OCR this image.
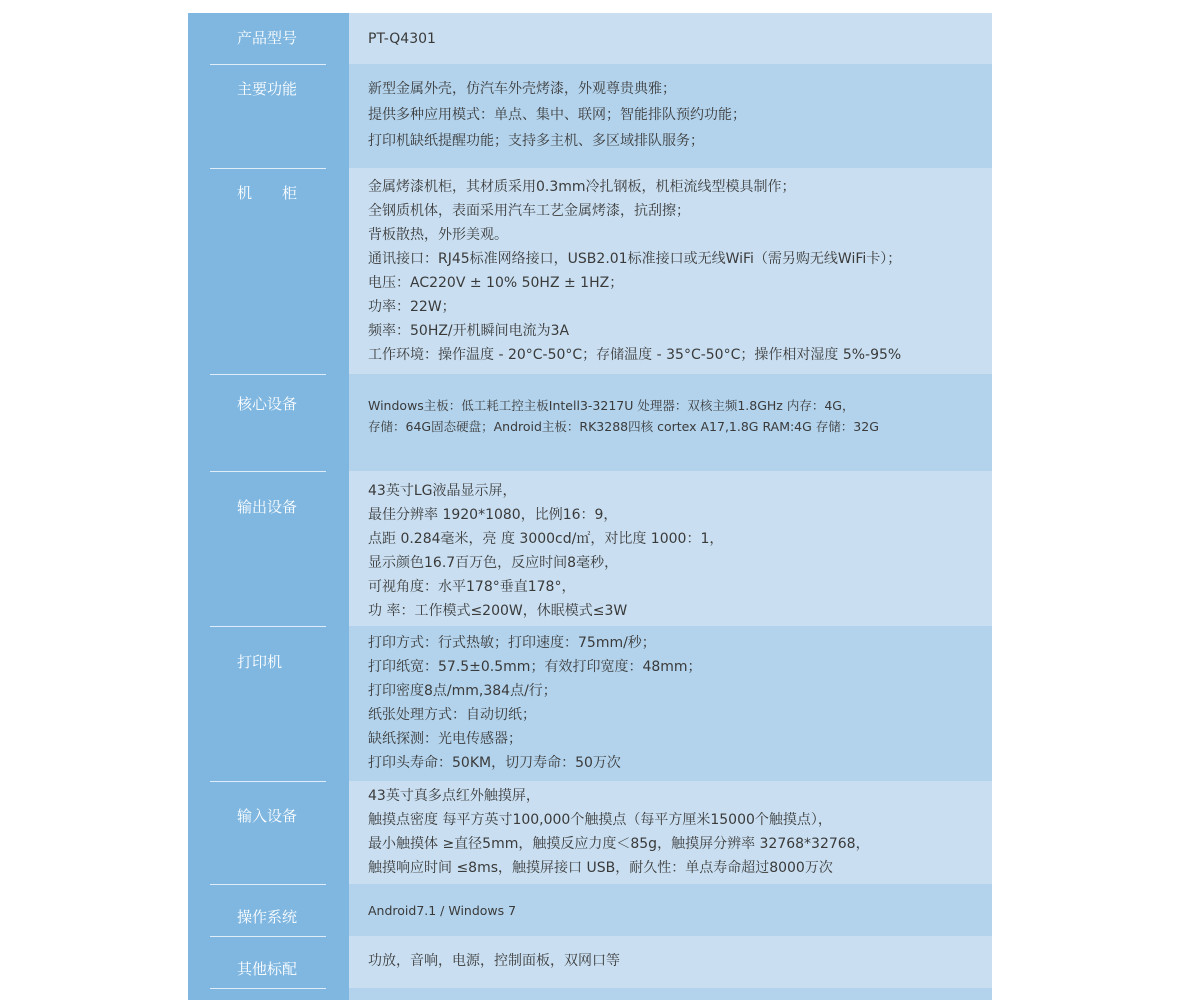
PT-Q4301
产品型号
新型金属外壳，仿汽车外壳烤漆，外观尊贵典雅；
提供多种应用模式：单点、集中、联网；智能排队预约功能；
打印机缺纸提醒功能；支持多主机、多区域排队服务；
主要功能
金属烤漆机柜，其材质采用0.3mm冷扎钢板，机柜流线型模具制作；
全钢质机体，表面采用汽车工艺金属烤漆，抗刮擦；
背板散热，外形美观。
通讯接口：RJ45标准网络接口，USB2.01标准接口或无线WiFi（需另购无线WiFi卡）；
电压：AC220V ± 10% 50HZ ± 1HZ；
功率：22W；
频率：50HZ/开机瞬间电流为3A
工作环境：操作温度 - 20°C-50°C；存储温度 - 35°C-50°C；操作相对湿度 5%-95%
机　　柜
Windows主板：低工耗工控主板Intell3-3217U 处理器：双核主频1.8GHz 内存：4G，
存储：64G固态硬盘；Android主板：RK3288四核 cortex A17,1.8G RAM:4G 存储：32G
核心设备
43英寸LG液晶显示屏，
最佳分辨率 1920*1080，比例16：9，
点距 0.284毫米，亮 度 3000cd/㎡，对比度 1000：1，
显示颜色16.7百万色，反应时间8毫秒，
可视角度：水平178°垂直178°，
功 率：工作模式≤200W，休眠模式≤3W
输出设备
打印方式：行式热敏；打印速度：75mm/秒；
打印纸宽：57.5±0.5mm；有效打印宽度：48mm；
打印密度8点/mm,384点/行；
纸张处理方式：自动切纸；
缺纸探测：光电传感器；
打印头寿命：50KM，切刀寿命：50万次
打印机
43英寸真多点红外触摸屏，
触摸点密度 每平方英寸100,000个触摸点（每平方厘米15000个触摸点），
最小触摸体 ≥直径5mm，触摸反应力度＜85g，触摸屏分辨率 32768*32768，
触摸响应时间 ≤8ms，触摸屏接口 USB，耐久性：单点寿命超过8000万次
输入设备
Android7.1 / Windows 7
操作系统
功放，音响，电源，控制面板，双网口等
其他标配
